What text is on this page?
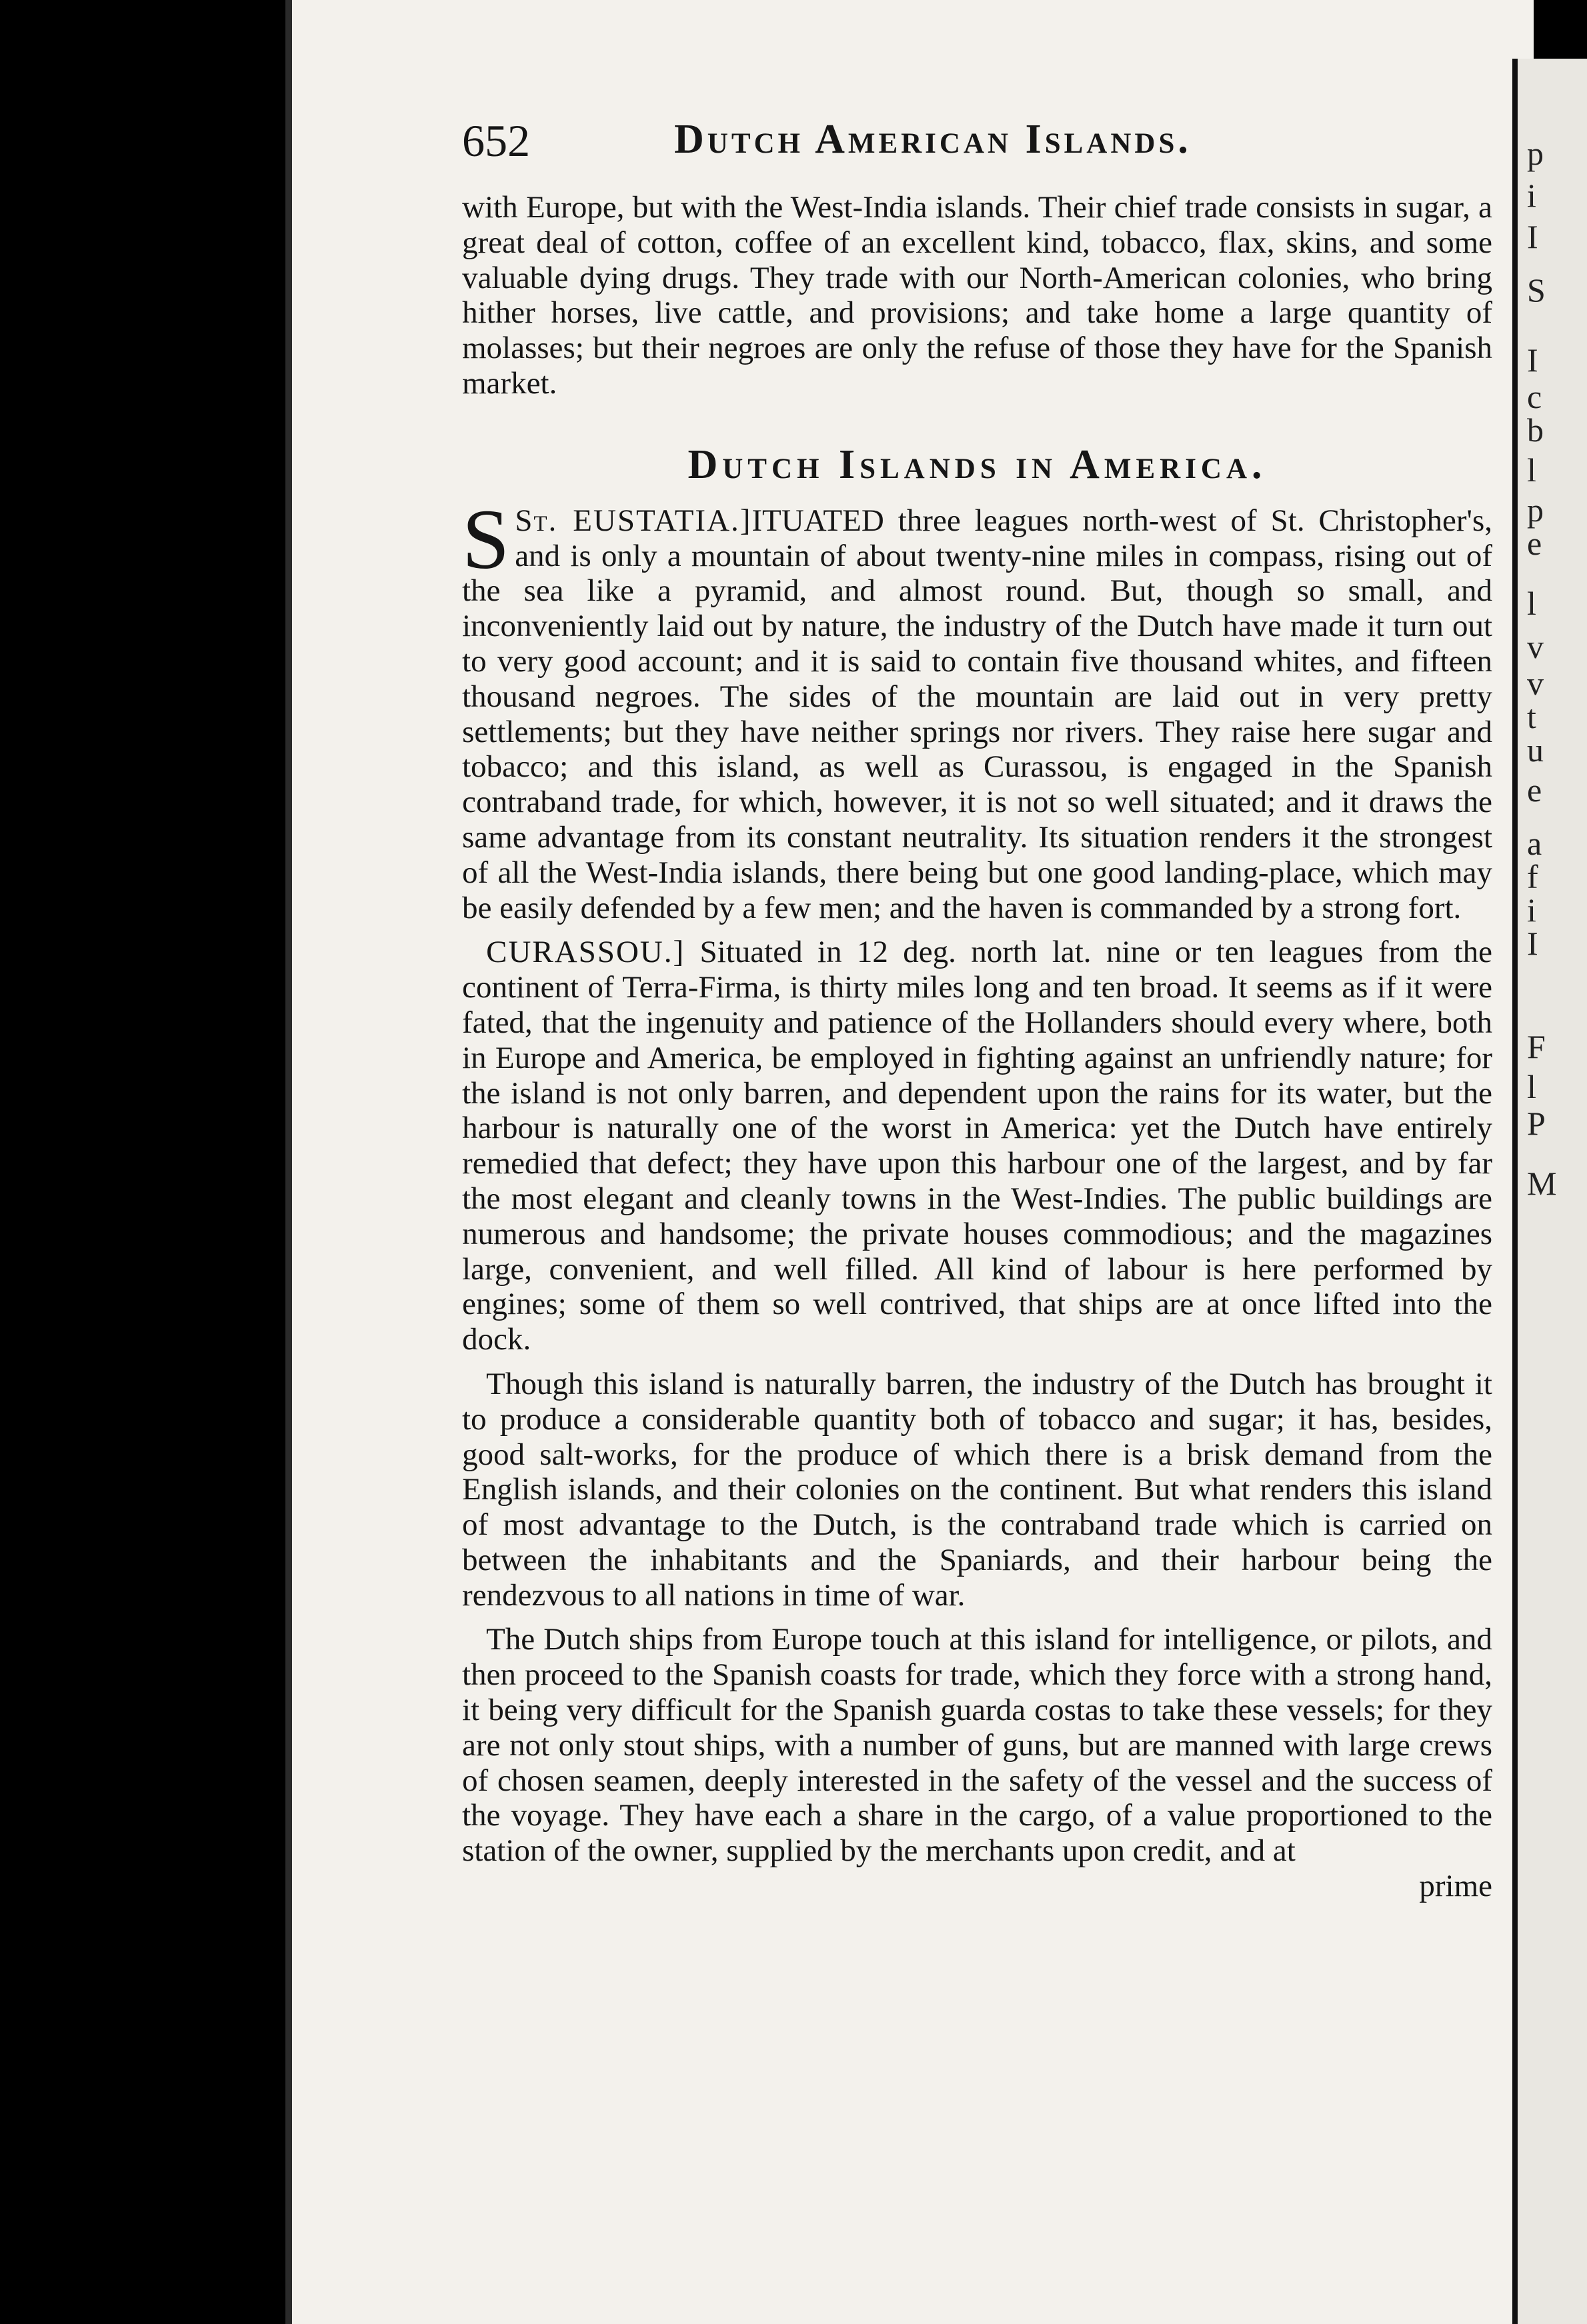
p
i
I
S
I
c
b
l
p
e
l
v
v
t
u
e
a
f
i
I
F
l
P
M
652	Dutch American Islands.

with Europe, but with the West-India islands. Their chief trade consists in sugar, a great deal of cotton, coffee of an excellent kind, tobacco, flax, skins, and some valuable dying drugs. They trade with our North-American colonies, who bring hither horses, live cattle, and provisions; and take home a large quantity of molasses; but their negroes are only the refuse of those they have for the Spanish market.

Dutch Islands in America.

St. EUSTATIA.]
S	ITUATED three leagues north-west of St. Christopher's, and is only a mountain of about twenty-nine miles in compass, rising out of the sea like a pyramid, and almost round. But, though so small, and inconveniently laid out by nature, the industry of the Dutch have made it turn out to very good account; and it is said to contain five thousand whites, and fifteen thousand negroes. The sides of the mountain are laid out in very pretty settlements; but they have neither springs nor rivers. They raise here sugar and tobacco; and this island, as well as Curassou, is engaged in the Spanish contraband trade, for which, however, it is not so well situated; and it draws the same advantage from its constant neutrality. Its situation renders it the strongest of all the West-India islands, there being but one good landing-place, which may be easily defended by a few men; and the haven is commanded by a strong fort.

CURASSOU.] Situated in 12 deg. north lat. nine or ten leagues from the continent of Terra-Firma, is thirty miles long and ten broad. It seems as if it were fated, that the ingenuity and patience of the Hollanders should every where, both in Europe and America, be employed in fighting against an unfriendly nature; for the island is not only barren, and dependent upon the rains for its water, but the harbour is naturally one of the worst in America: yet the Dutch have entirely remedied that defect; they have upon this harbour one of the largest, and by far the most elegant and cleanly towns in the West-Indies. The public buildings are numerous and handsome; the private houses commodious; and the magazines large, convenient, and well filled. All kind of labour is here performed by engines; some of them so well contrived, that ships are at once lifted into the dock.

Though this island is naturally barren, the industry of the Dutch has brought it to produce a considerable quantity both of tobacco and sugar; it has, besides, good salt-works, for the produce of which there is a brisk demand from the English islands, and their colonies on the continent. But what renders this island of most advantage to the Dutch, is the contraband trade which is carried on between the inhabitants and the Spaniards, and their harbour being the rendezvous to all nations in time of war.

The Dutch ships from Europe touch at this island for intelligence, or pilots, and then proceed to the Spanish coasts for trade, which they force with a strong hand, it being very difficult for the Spanish guarda costas to take these vessels; for they are not only stout ships, with a number of guns, but are manned with large crews of chosen seamen, deeply interested in the safety of the vessel and the success of the voyage. They have each a share in the cargo, of a value proportioned to the station of the owner, supplied by the merchants upon credit, and at

prime
